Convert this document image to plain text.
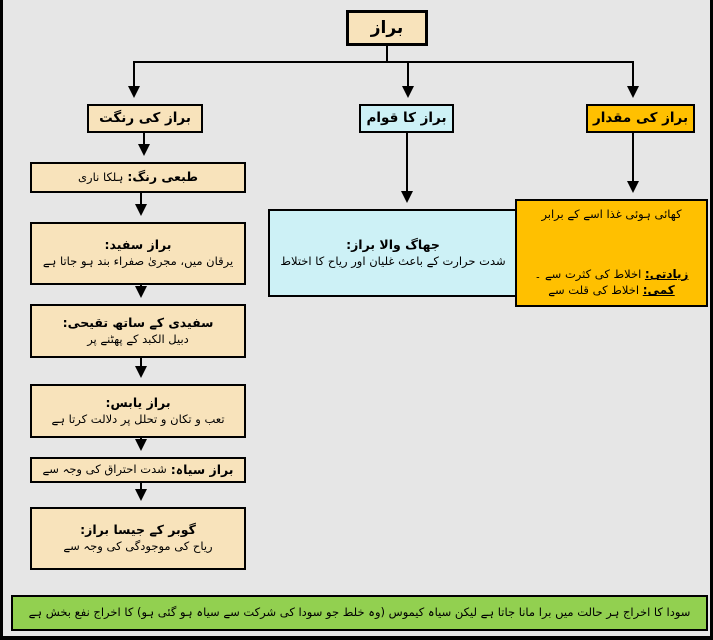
براز
براز کی رنگت	براز کا قوام	براز کی مقدار
طبعی رنگ:
ہلکا ناری
براز سفید:
یرقان میں، مجریٰ صفراء بند ہو جاتا ہے
سفیدی کے ساتھ تقیحی:
دبیل الکبد کے پھٹنے پر
براز یابس:
تعب و تکان و تحلل پر دلالت کرتا ہے
براز سیاہ:
شدت احتراق کی وجہ سے
گوبر کے جیسا براز:
ریاح کی موجودگی کی وجہ سے
جھاگ والا براز:
شدت حرارت کے باعث غلیان اور ریاح کا اختلاط
کھائی ہوئی غذا اسے کے برابر
زیادتی: اخلاط کی کثرت سے ۔
کمی: اخلاط کی قلت سے
سودا کا اخراج ہر حالت میں برا مانا جاتا ہے لیکن سیاہ کیموس (وہ خلط جو سودا کی شرکت سے سیاہ ہو گئی ہو) کا اخراج نفع بخش ہے
